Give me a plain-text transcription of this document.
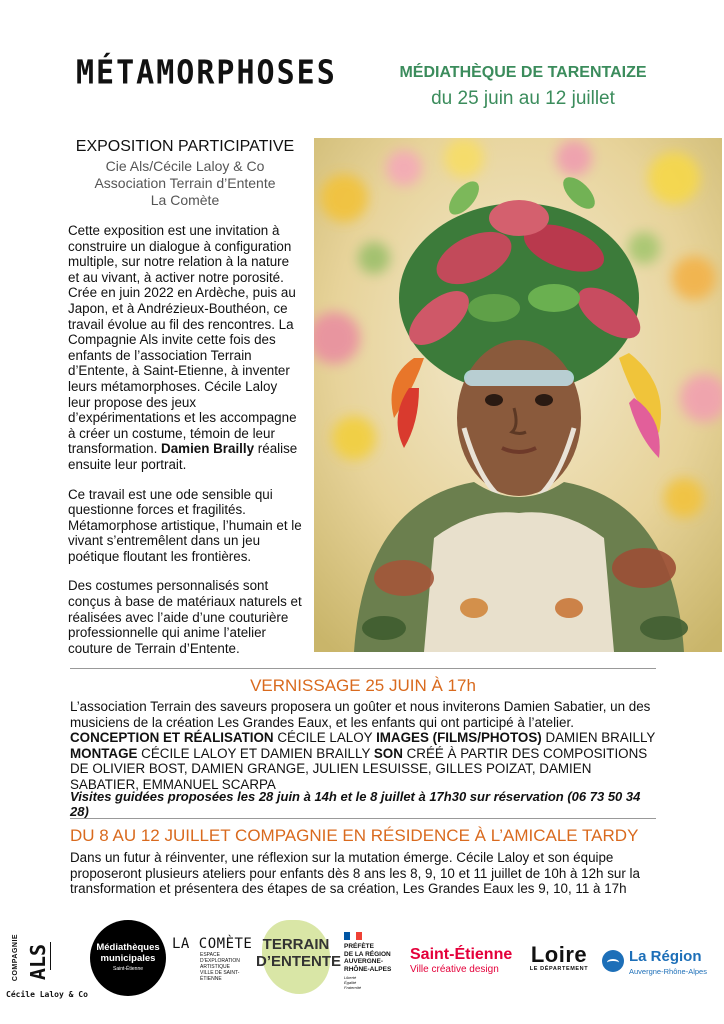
MÉTAMORPHOSES	MÉDIATHÈQUE DE TARENTAIZE
du 25 juin au 12 juillet
EXPOSITION PARTICIPATIVE
Cie Als/Cécile Laloy & Co
Association Terrain d’Entente
La Comète
Cette exposition est une invitation à construire un dialogue à configuration multiple, sur notre relation à la nature et au vivant, à activer notre porosité. Crée en juin 2022 en Ardèche, puis au Japon, et à Andrézieux-Bouthéon, ce travail évolue au fil des rencontres. La Compagnie Als invite cette fois des enfants de l’association Terrain d’Entente, à Saint-Etienne, à inventer leurs métamorphoses. Cécile Laloy leur propose des jeux d’expérimentations et les accompagne à créer un costume, témoin de leur transformation. Damien Brailly réalise ensuite leur portrait.
Ce travail est une ode sensible qui questionne forces et fragilités. Métamorphose artistique, l’humain et le vivant s’entremêlent dans un jeu poétique floutant les frontières.
Des costumes personnalisés sont conçus à base de matériaux naturels et réalisées avec l’aide d’une couturière professionnelle qui anime l’atelier couture de Terrain d’Entente.
VERNISSAGE 25 JUIN À 17h
L’association Terrain des saveurs proposera un goûter et nous inviterons Damien Sabatier, un des musiciens de la création Les Grandes Eaux, et les enfants qui ont participé à l’atelier.
CONCEPTION ET RÉALISATION CÉCILE LALOY IMAGES (FILMS/PHOTOS) DAMIEN BRAILLY
MONTAGE CÉCILE LALOY ET DAMIEN BRAILLY SON CRÉÉ À PARTIR DES COMPOSITIONS DE OLIVIER BOST, DAMIEN GRANGE, JULIEN LESUISSE, GILLES POIZAT, DAMIEN SABATIER, EMMANUEL SCARPA
Visites guidées proposées les 28 juin à 14h et le 8 juillet à 17h30 sur réservation (06 73 50 34 28)
DU 8 AU 12 JUILLET COMPAGNIE EN RÉSIDENCE À L’AMICALE TARDY
Dans un futur à réinventer, une réflexion sur la mutation émerge. Cécile Laloy et son équipe proposeront plusieurs ateliers pour enfants dès 8 ans les 8, 9, 10 et 11 juillet de 10h à 12h sur la transformation et présentera des étapes de sa création, Les Grandes Eaux les 9, 10, 11 à 17h
COMPAGNIE ALS
Cécile Laloy & Co
Médiathèques
municipales
Saint-Étienne
LA COMÈTE
ESPACE
D’EXPLORATION
ARTISTIQUE
VILLE DE SAINT-ÉTIENNE
TERRAIN
D’ENTENTE
PRÉFÈTE
DE LA RÉGION
AUVERGNE-
RHÔNE-ALPES
Liberté
Égalité
Fraternité
Saint-Étienne
Ville créative design
Loire
LE DÉPARTEMENT
La Région
Auvergne-Rhône-Alpes
